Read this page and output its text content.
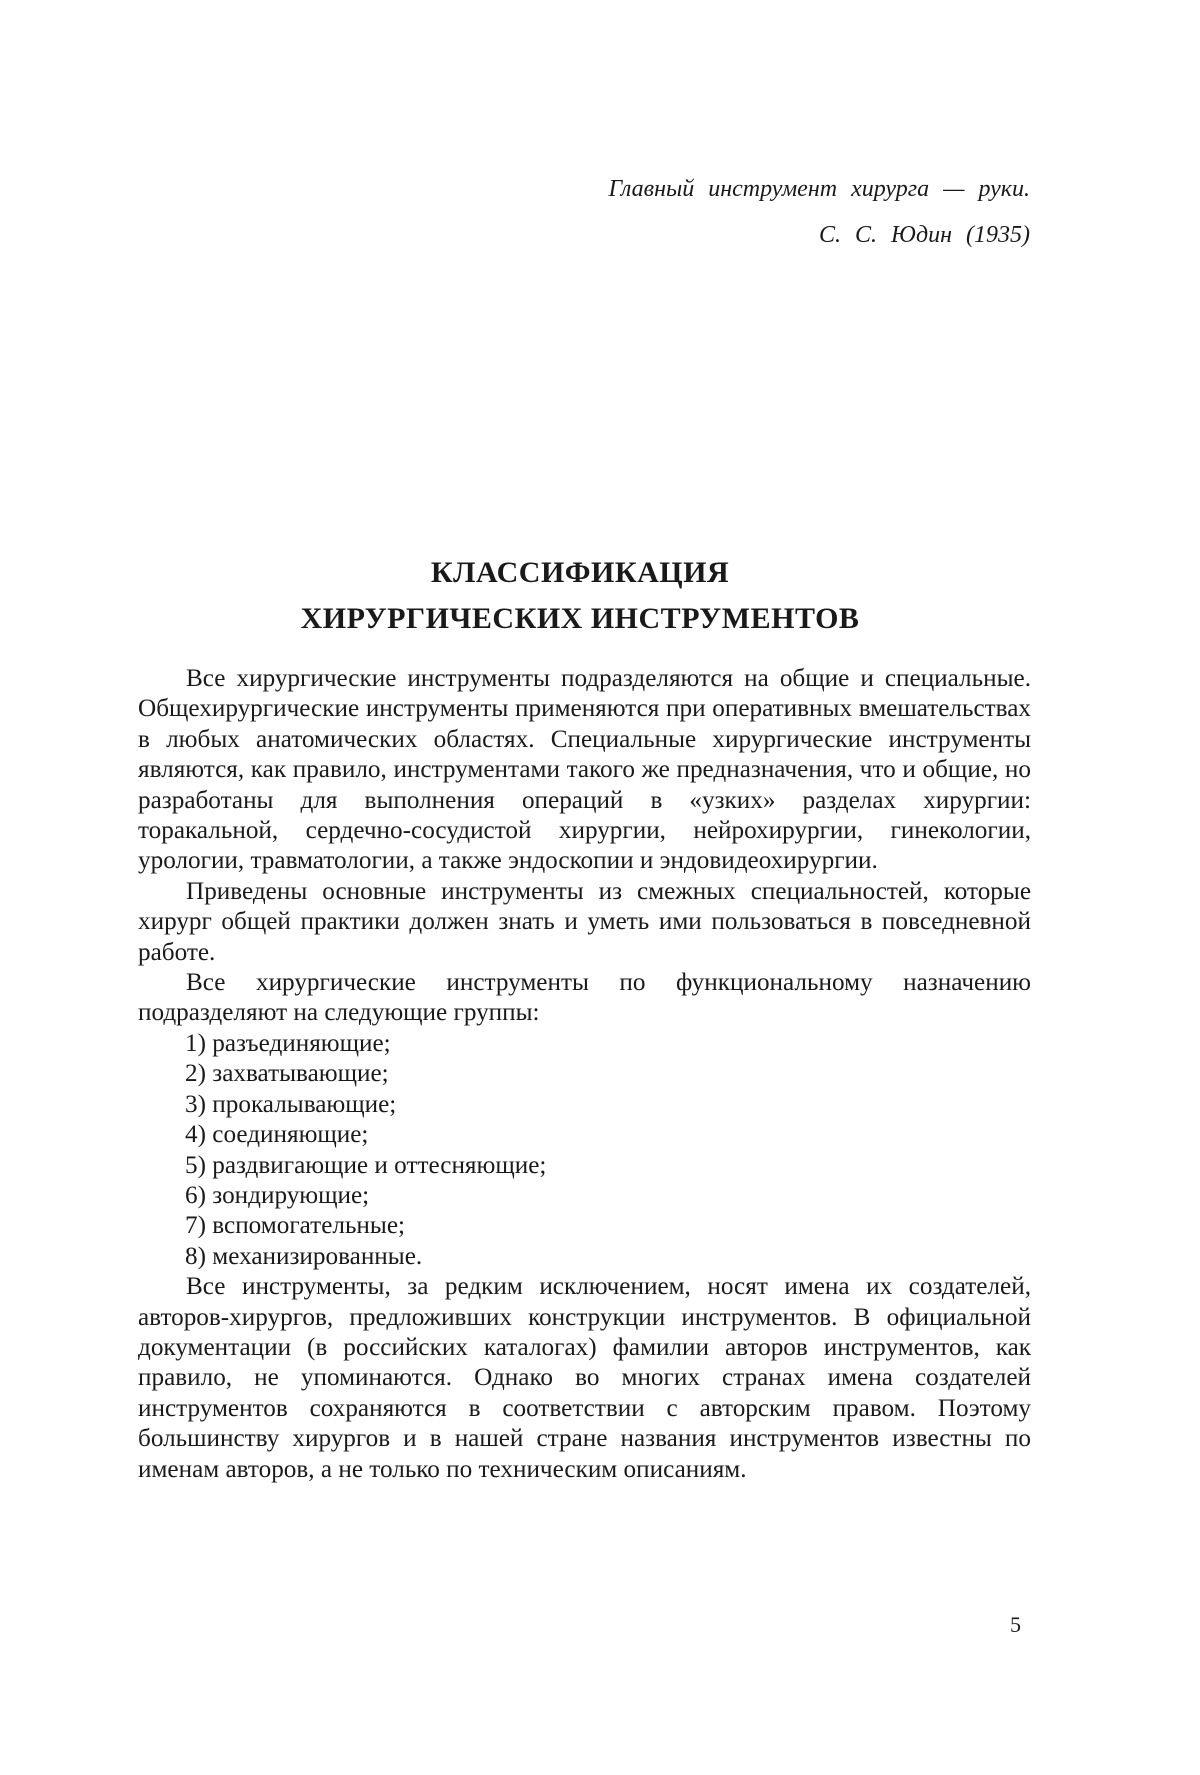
Главный инструмент хирурга — руки.
С. С. Юдин (1935)
КЛАССИФИКАЦИЯ
ХИРУРГИЧЕСКИХ ИНСТРУМЕНТОВ

Все хирургические инструменты подразделяются на общие и специальные. Общехирургические инструменты применяются при оперативных вмешательствах в любых анатомических областях. Специальные хирургические инструменты являются, как правило, инструментами такого же предназначения, что и общие, но разработаны для выполнения операций в «узких» разделах хирургии: торакальной, сердечно-сосудистой хирургии, нейрохирургии, гинекологии, урологии, травматологии, а также эндоскопии и эндовидеохирургии.

Приведены основные инструменты из смежных специальностей, которые хирург общей практики должен знать и уметь ими пользоваться в повседневной работе.

Все хирургические инструменты по функциональному назначению подразделяют на следующие группы:

1) разъединяющие;
2) захватывающие;
3) прокалывающие;
4) соединяющие;
5) раздвигающие и оттесняющие;
6) зондирующие;
7) вспомогательные;
8) механизированные.

Все инструменты, за редким исключением, носят имена их создателей, авторов-хирургов, предложивших конструкции инструментов. В официальной документации (в российских каталогах) фамилии авторов инструментов, как правило, не упоминаются. Однако во многих странах имена создателей инструментов сохраняются в соответствии с авторским правом. Поэтому большинству хирургов и в нашей стране названия инструментов известны по именам авторов, а не только по техническим описаниям.

5
